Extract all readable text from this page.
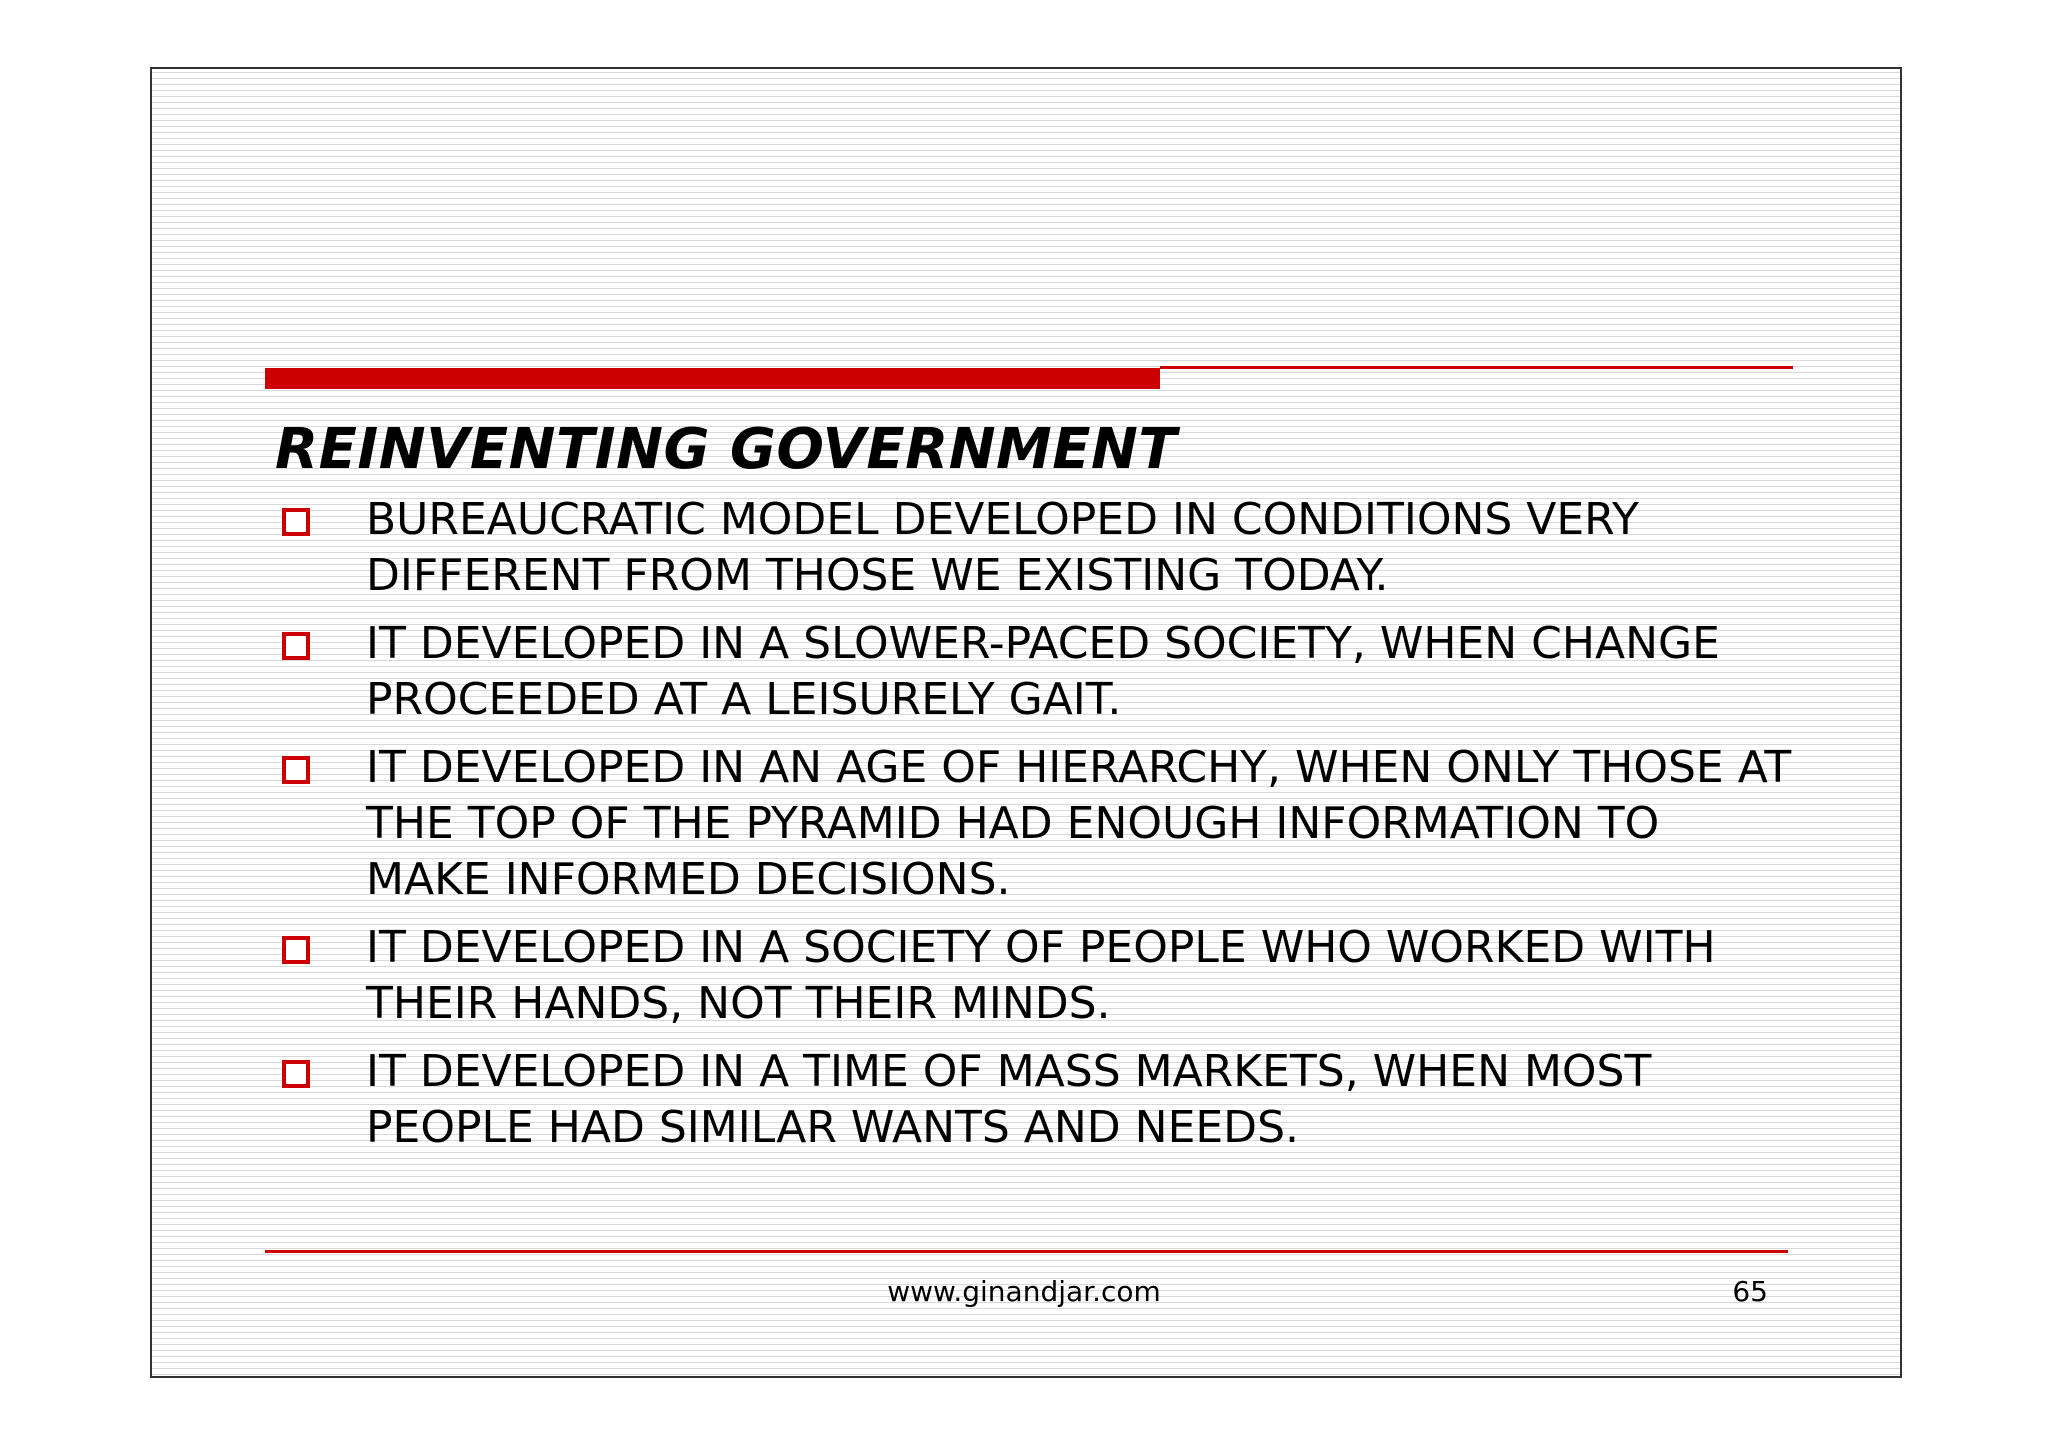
REINVENTING GOVERNMENT
BUREAUCRATIC MODEL DEVELOPED IN CONDITIONS VERY DIFFERENT FROM THOSE WE EXISTING TODAY.
IT DEVELOPED IN A SLOWER-PACED SOCIETY, WHEN CHANGE PROCEEDED AT A LEISURELY GAIT.
IT DEVELOPED IN AN AGE OF HIERARCHY, WHEN ONLY THOSE AT THE TOP OF THE PYRAMID HAD ENOUGH INFORMATION TO MAKE INFORMED DECISIONS.
IT DEVELOPED IN A SOCIETY OF PEOPLE WHO WORKED WITH THEIR HANDS, NOT THEIR MINDS.
IT DEVELOPED IN A TIME OF MASS MARKETS, WHEN MOST PEOPLE HAD SIMILAR WANTS AND NEEDS.
www.ginandjar.com	65
